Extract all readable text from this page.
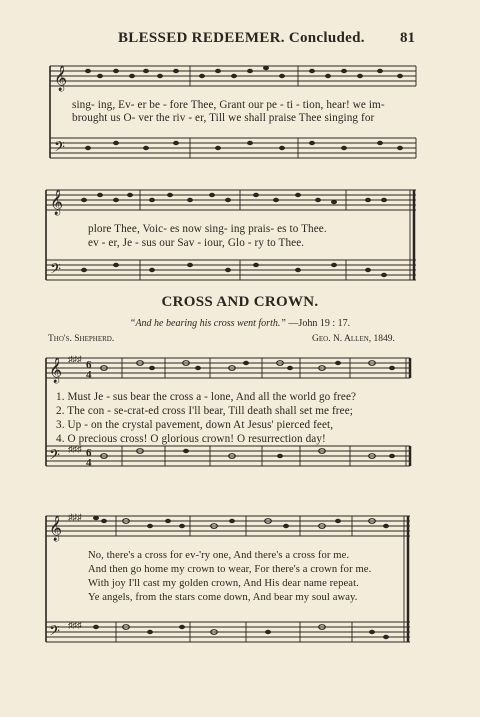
BLESSED REDEEMER. Concluded. 81
𝄞
𝄢
sing- ing, Ev- er be - fore Thee, Grant our pe - ti - tion, hear! we im-
brought us O- ver the riv - er, Till we shall praise Thee singing for
𝄞
𝄢
plore Thee, Voic- es now sing- ing prais- es to Thee.
ev - er, Je - sus our Sav - iour, Glo - ry to Thee.
CROSS AND CROWN.
“And he bearing his cross went forth.” —John 19 : 17.
Tho's. Shepherd.	Geo. N. Allen, 1849.
𝄞
𝄢
♯♯♯
♯♯♯
6
4
6
4
1. Must Je - sus bear the cross a - lone, And all the world go free?
2. The con - se-crat-ed cross I'll bear, Till death shall set me free;
3. Up - on the crystal pavement, down At Jesus' pierced feet,
4. O precious cross! O glorious crown! O resurrection day!
𝄞
𝄢
♯♯♯
♯♯♯
No, there's a cross for ev-'ry one, And there's a cross for me.
And then go home my crown to wear, For there's a crown for me.
With joy I'll cast my golden crown, And His dear name repeat.
Ye angels, from the stars come down, And bear my soul away.
